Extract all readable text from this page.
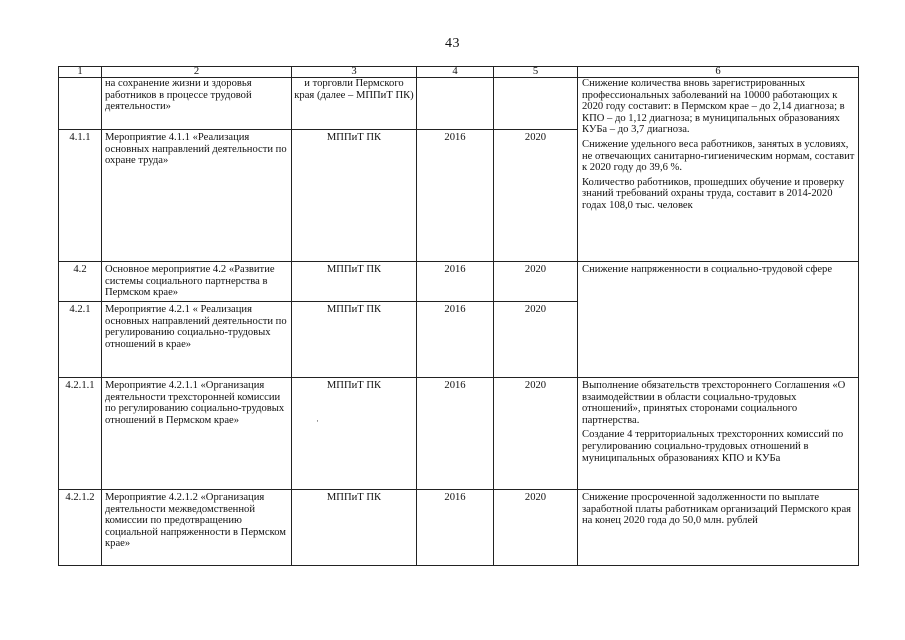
43
1	2	3	4	5	6
	на сохранение жизни и здоровья работников в процессе трудовой деятельности»	и торговли Пермского края (далее – МППиТ ПК)			Снижение количества вновь зарегистрированных профессиональных заболеваний на 10000 работающих к 2020 году составит: в Пермском крае – до 2,14 диагноза; в КПО – до 1,12 диагноза; в муниципальных образованиях КУБа – до 3,7 диагноза.
Снижение удельного веса работников, занятых в условиях, не отвечающих санитарно-гигиеническим нормам, составит к 2020 году до 39,6 %.
Количество работников, прошедших обучение и проверку знаний требований охраны труда, составит в 2014-2020 годах 108,0 тыс. человек

4.1.1	Мероприятие 4.1.1 «Реализация основных направлений деятельности по охране труда»	МППиТ ПК	2016	2020	
4.2	Основное мероприятие 4.2 «Развитие системы социального партнерства в Пермском крае»	МППиТ ПК	2016	2020	Снижение напряженности в социально-трудовой сфере

4.2.1	Мероприятие 4.2.1 « Реализация основных направлений деятельности по регулированию социально-трудовых отношений в крае»	МППиТ ПК	2016	2020	
4.2.1.1	Мероприятие 4.2.1.1 «Организация деятельности трехсторонней комиссии по регулированию социально-трудовых отношений в Пермском крае»	МППиТ ПК	2016	2020	Выполнение обязательств трехстороннего Соглашения «О взаимодействии в области социально-трудовых отношений», принятых сторонами социального партнерства.
Создание 4 территориальных трехсторонних комиссий по регулированию социально-трудовых отношений в муниципальных образованиях КПО и КУБа

4.2.1.2	Мероприятие 4.2.1.2 «Организация деятельности межведомственной комиссии по предотвращению социальной напряженности в Пермском крае»	МППиТ ПК	2016	2020	Снижение просроченной задолженности по выплате заработной платы работникам организаций Пермского края на конец 2020 года до 50,0 млн. рублей
·
